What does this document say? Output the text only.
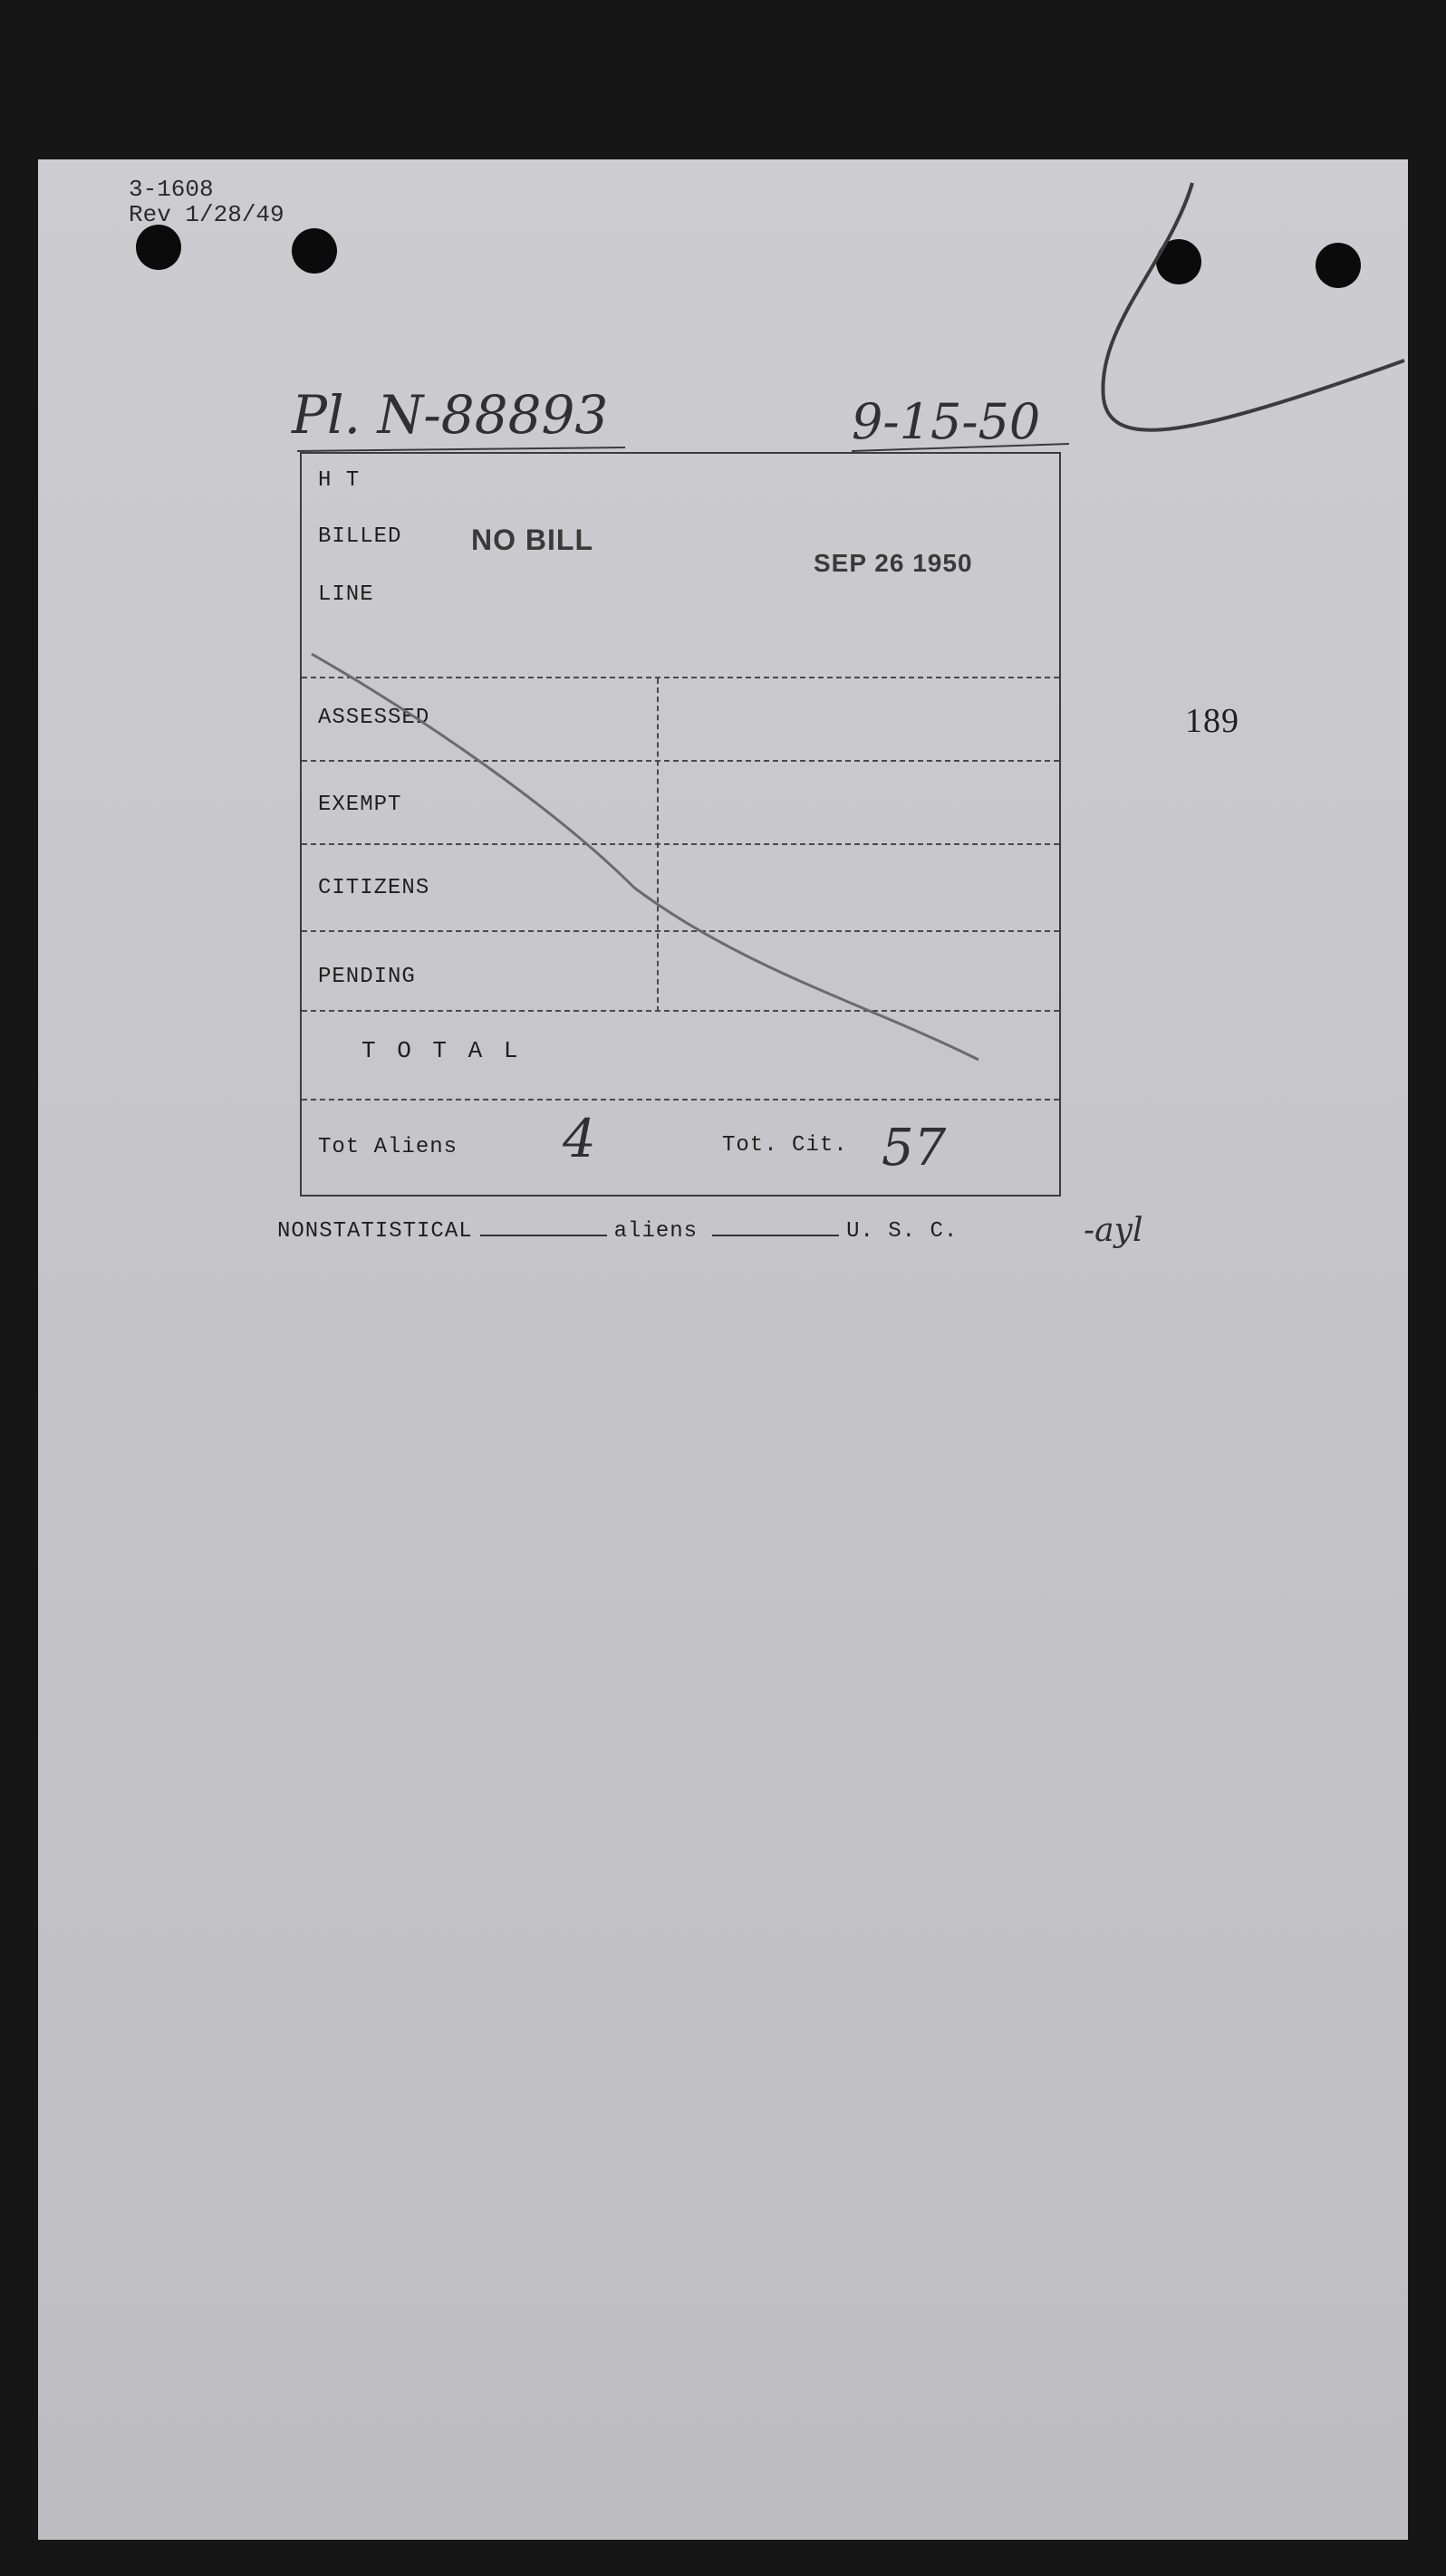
3-1608
Rev 1/28/49
Pl. N-88893	9-15-50
NO BILL
SEP 26 1950
189
H T
BILLED
LINE
ASSESSED
EXEMPT
CITIZENS
PENDING
T O T A L
Tot Aliens 4	Tot. Cit. 57
NONSTATISTICAL	aliens	U. S. C.	-ayl
